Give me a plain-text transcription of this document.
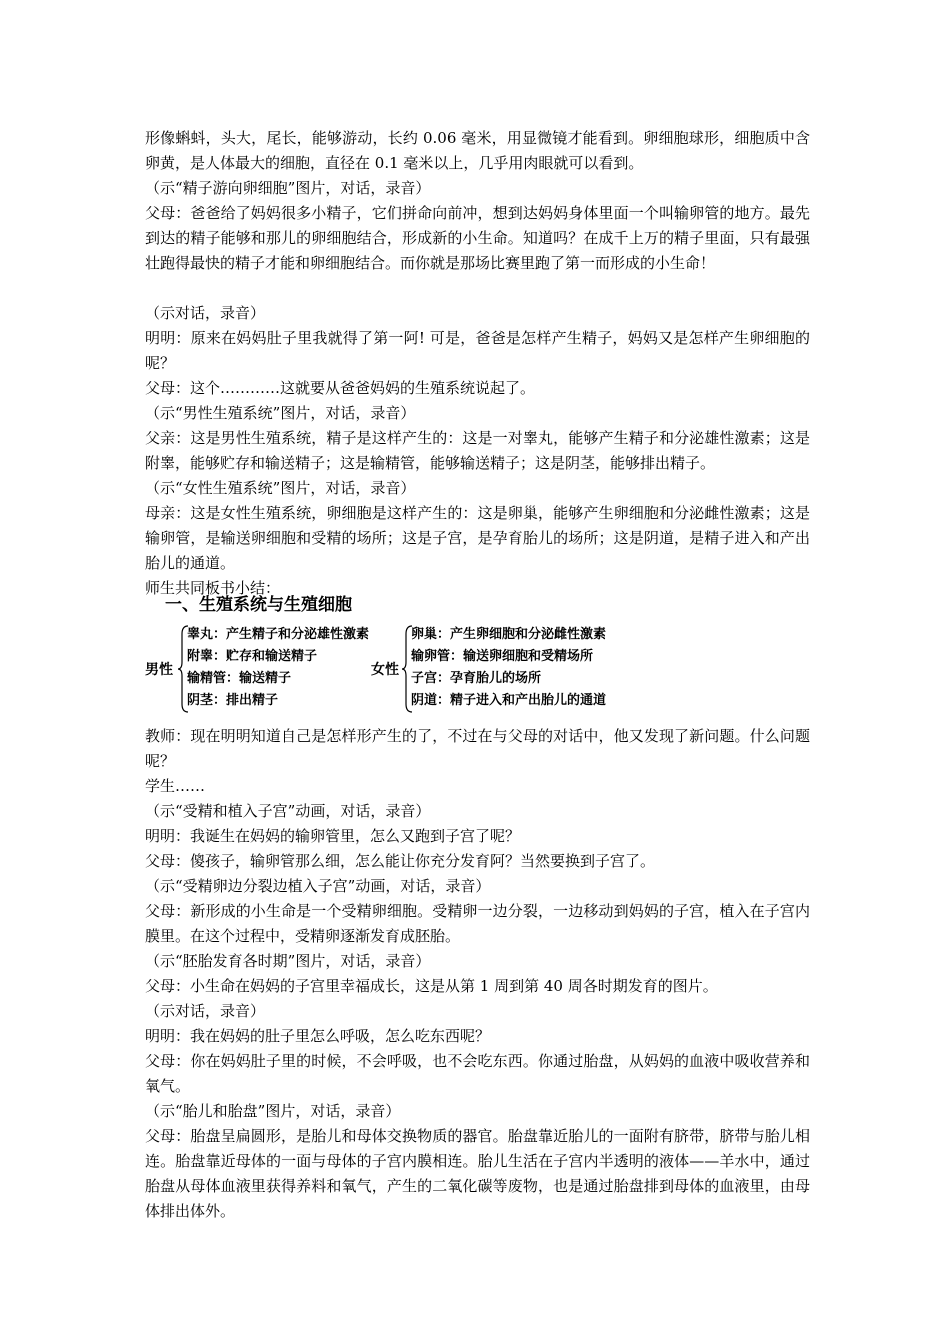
形像蝌蚪，头大，尾长，能够游动，长约 0.06 毫米，用显微镜才能看到。卵细胞球形，细胞质中含卵黄，是人体最大的细胞，直径在 0.1 毫米以上，几乎用肉眼就可以看到。

（示“精子游向卵细胞”图片，对话，录音）

父母：爸爸给了妈妈很多小精子，它们拼命向前冲，想到达妈妈身体里面一个叫输卵管的地方。最先到达的精子能够和那儿的卵细胞结合，形成新的小生命。知道吗？在成千上万的精子里面，只有最强壮跑得最快的精子才能和卵细胞结合。而你就是那场比赛里跑了第一而形成的小生命！

（示对话，录音）

明明：原来在妈妈肚子里我就得了第一阿! 可是，爸爸是怎样产生精子，妈妈又是怎样产生卵细胞的呢？

父母：这个…………这就要从爸爸妈妈的生殖系统说起了。

（示“男性生殖系统”图片，对话，录音）

父亲：这是男性生殖系统，精子是这样产生的：这是一对睾丸，能够产生精子和分泌雄性激素；这是附睾，能够贮存和输送精子；这是输精管，能够输送精子；这是阴茎，能够排出精子。

（示“女性生殖系统”图片，对话，录音）

母亲：这是女性生殖系统，卵细胞是这样产生的：这是卵巢，能够产生卵细胞和分泌雌性激素；这是输卵管，是输送卵细胞和受精的场所；这是子宫，是孕育胎儿的场所；这是阴道，是精子进入和产出胎儿的通道。

师生共同板书小结：

一、生殖系统与生殖细胞

男性
睾丸：产生精子和分泌雄性激素
附睾：贮存和输送精子
输精管：输送精子
阴茎：排出精子
女性
卵巢：产生卵细胞和分泌雌性激素
输卵管：输送卵细胞和受精场所
子宫：孕育胎儿的场所
阴道：精子进入和产出胎儿的通道

教师：现在明明知道自己是怎样形产生的了，不过在与父母的对话中，他又发现了新问题。什么问题呢？

学生……

（示“受精和植入子宫”动画，对话，录音）

明明：我诞生在妈妈的输卵管里，怎么又跑到子宫了呢？

父母：傻孩子，输卵管那么细，怎么能让你充分发育阿？当然要换到子宫了。

（示“受精卵边分裂边植入子宫”动画，对话，录音）

父母：新形成的小生命是一个受精卵细胞。受精卵一边分裂，一边移动到妈妈的子宫，植入在子宫内膜里。在这个过程中，受精卵逐渐发育成胚胎。

（示“胚胎发育各时期”图片，对话，录音）

父母：小生命在妈妈的子宫里幸福成长，这是从第 1 周到第 40 周各时期发育的图片。

（示对话，录音）

明明：我在妈妈的肚子里怎么呼吸，怎么吃东西呢？

父母：你在妈妈肚子里的时候，不会呼吸，也不会吃东西。你通过胎盘，从妈妈的血液中吸收营养和氧气。

（示“胎儿和胎盘”图片，对话，录音）

父母：胎盘呈扁圆形，是胎儿和母体交换物质的器官。胎盘靠近胎儿的一面附有脐带，脐带与胎儿相连。胎盘靠近母体的一面与母体的子宫内膜相连。胎儿生活在子宫内半透明的液体——羊水中，通过胎盘从母体血液里获得养料和氧气，产生的二氧化碳等废物，也是通过胎盘排到母体的血液里，由母体排出体外。
